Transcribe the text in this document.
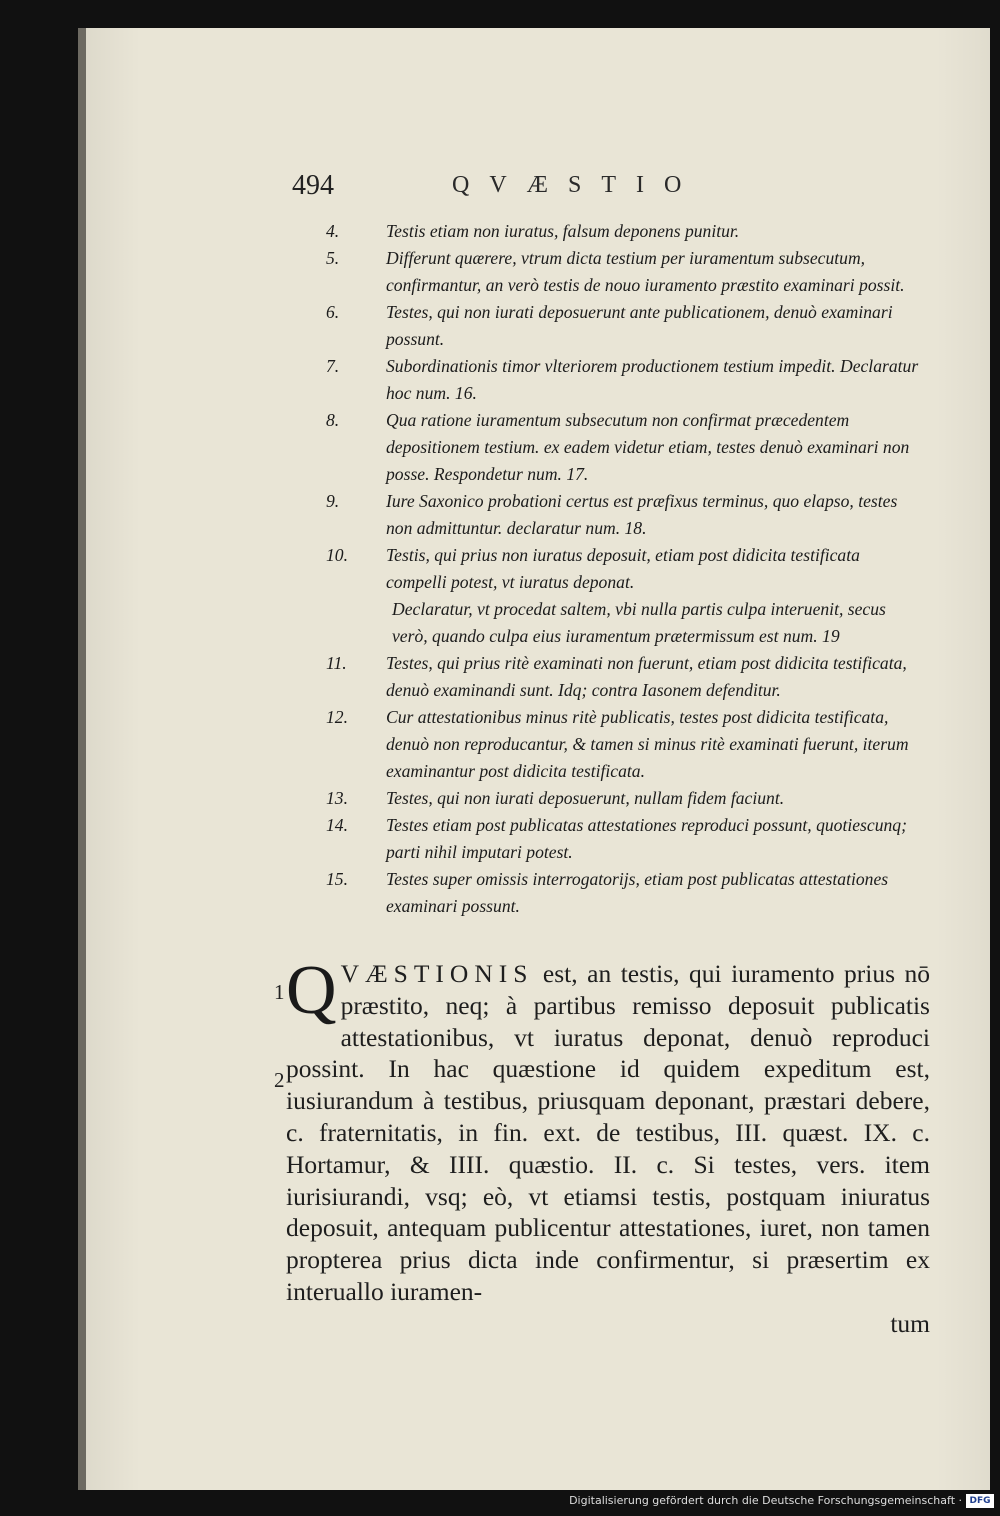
494	QVÆSTIO
4.	Testis etiam non iuratus, falsum deponens punitur.
5.	Differunt quærere, vtrum dicta testium per iuramentum subsecutum, confirmantur, an verò testis de nouo iuramento præstito examinari possit.
6.	Testes, qui non iurati deposuerunt ante publicationem, denuò examinari possunt.
7.	Subordinationis timor vlteriorem productionem testium impedit. Declaratur hoc num. 16.
8.	Qua ratione iuramentum subsecutum non confirmat præcedentem depositionem testium. ex eadem videtur etiam, testes denuò examinari non posse. Respondetur num. 17.
9.	Iure Saxonico probationi certus est præfixus terminus, quo elapso, testes non admittuntur. declaratur num. 18.
10.	Testis, qui prius non iuratus deposuit, etiam post didicita testificata compelli potest, vt iuratus deponat.
Declaratur, vt procedat saltem, vbi nulla partis culpa interuenit, secus verò, quando culpa eius iuramentum prætermissum est num. 19
11.	Testes, qui prius ritè examinati non fuerunt, etiam post didicita testificata, denuò examinandi sunt. Idq; contra Iasonem defenditur.
12.	Cur attestationibus minus ritè publicatis, testes post didicita testificata, denuò non reproducantur, & tamen si minus ritè examinati fuerunt, iterum examinantur post didicita testificata.
13.	Testes, qui non iurati deposuerunt, nullam fidem faciunt.
14.	Testes etiam post publicatas attestationes reproduci possunt, quotiescunq; parti nihil imputari potest.
15.	Testes super omissis interrogatorijs, etiam post publicatas attestationes examinari possunt.
1
2
QVÆSTIONIS est, an testis, qui iuramento prius nō præstito, neq; à partibus remisso deposuit publicatis attestationibus, vt iuratus deponat, denuò reproduci possint. In hac quæstione id quidem expeditum est, iusiurandum à testibus, priusquam deponant, præstari debere, c. fraternitatis, in fin. ext. de testibus, III. quæst. IX. c. Hortamur, & IIII. quæstio. II. c. Si testes, vers. item iurisiurandi, vsq; eò, vt etiamsi testis, postquam iniuratus deposuit, antequam publicentur attestationes, iuret, non tamen propterea prius dicta inde confirmentur, si præsertim ex interuallo iuramen-
tum
Digitalisierung gefördert durch die Deutsche Forschungsgemeinschaft · DFG
